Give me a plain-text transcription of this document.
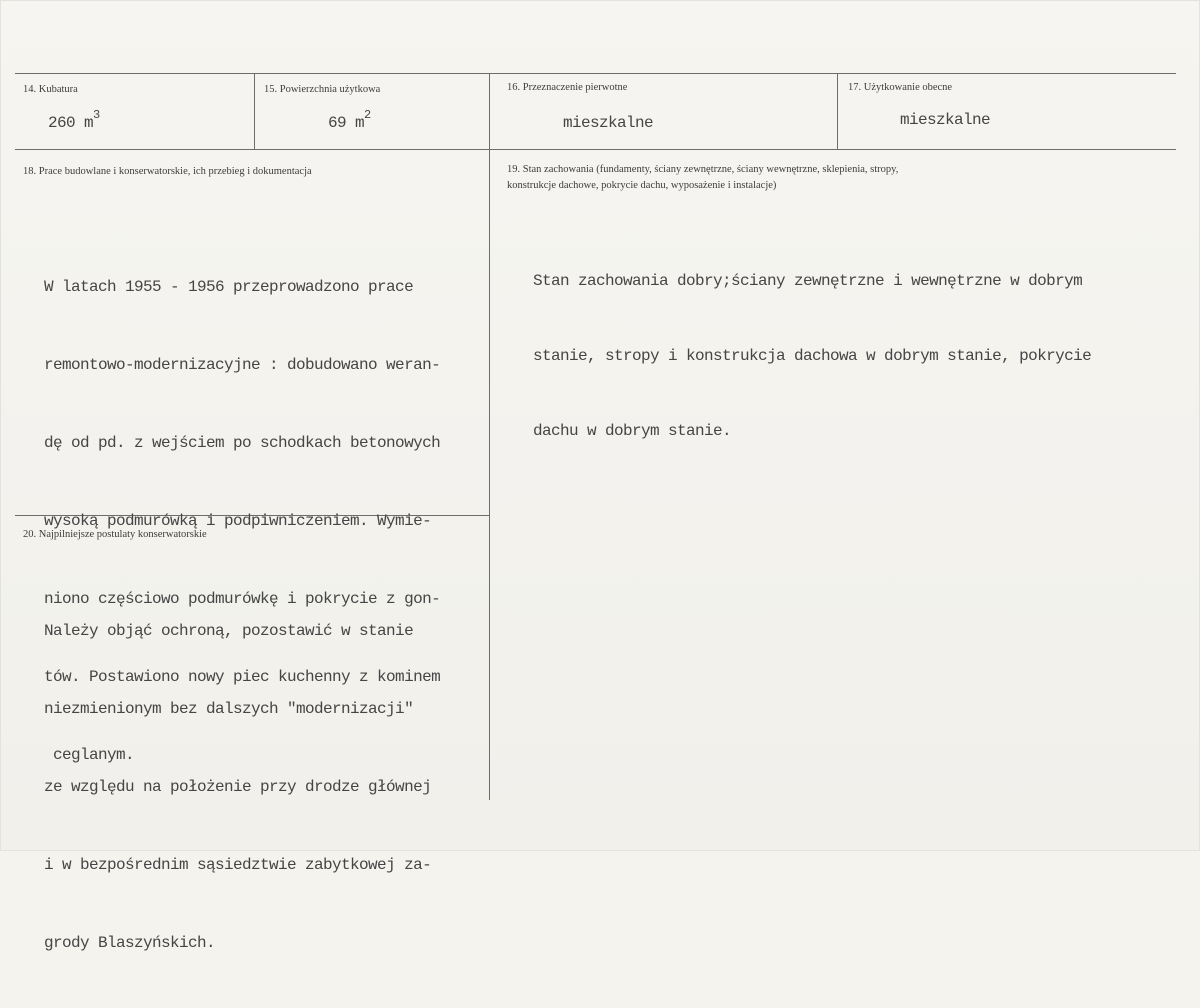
14. Kubatura
260 $m^3$
15. Powierzchnia użytkowa
69 $m^2$
16. Przeznaczenie pierwotne
mieszkalne
17. Użytkowanie obecne
mieszkalne
18. Prace budowlane i konserwatorskie, ich przebieg i dokumentacja

W latach 1955 - 1956 przeprowadzono prace

remontowo-modernizacyjne : dobudowano weran-

dę od pd. z wejściem po schodkach betonowych

wysoką podmurówką i podpiwniczeniem. Wymie-

niono częściowo podmurówkę i pokrycie z gon-

tów. Postawiono nowy piec kuchenny z kominem

ceglanym.

19. Stan zachowania (fundamenty, ściany zewnętrzne, ściany wewnętrzne, sklepienia, stropy,
konstrukcje dachowe, pokrycie dachu, wyposażenie i instalacje)

Stan zachowania dobry;ściany zewnętrzne i wewnętrzne w dobrym

stanie, stropy i konstrukcja dachowa w dobrym stanie, pokrycie

dachu w dobrym stanie.

20. Najpilniejsze postulaty konserwatorskie

Należy objąć ochroną, pozostawić w stanie

niezmienionym bez dalszych "modernizacji"

ze względu na położenie przy drodze głównej

i w bezpośrednim sąsiedztwie zabytkowej za-

grody Blaszyńskich.
